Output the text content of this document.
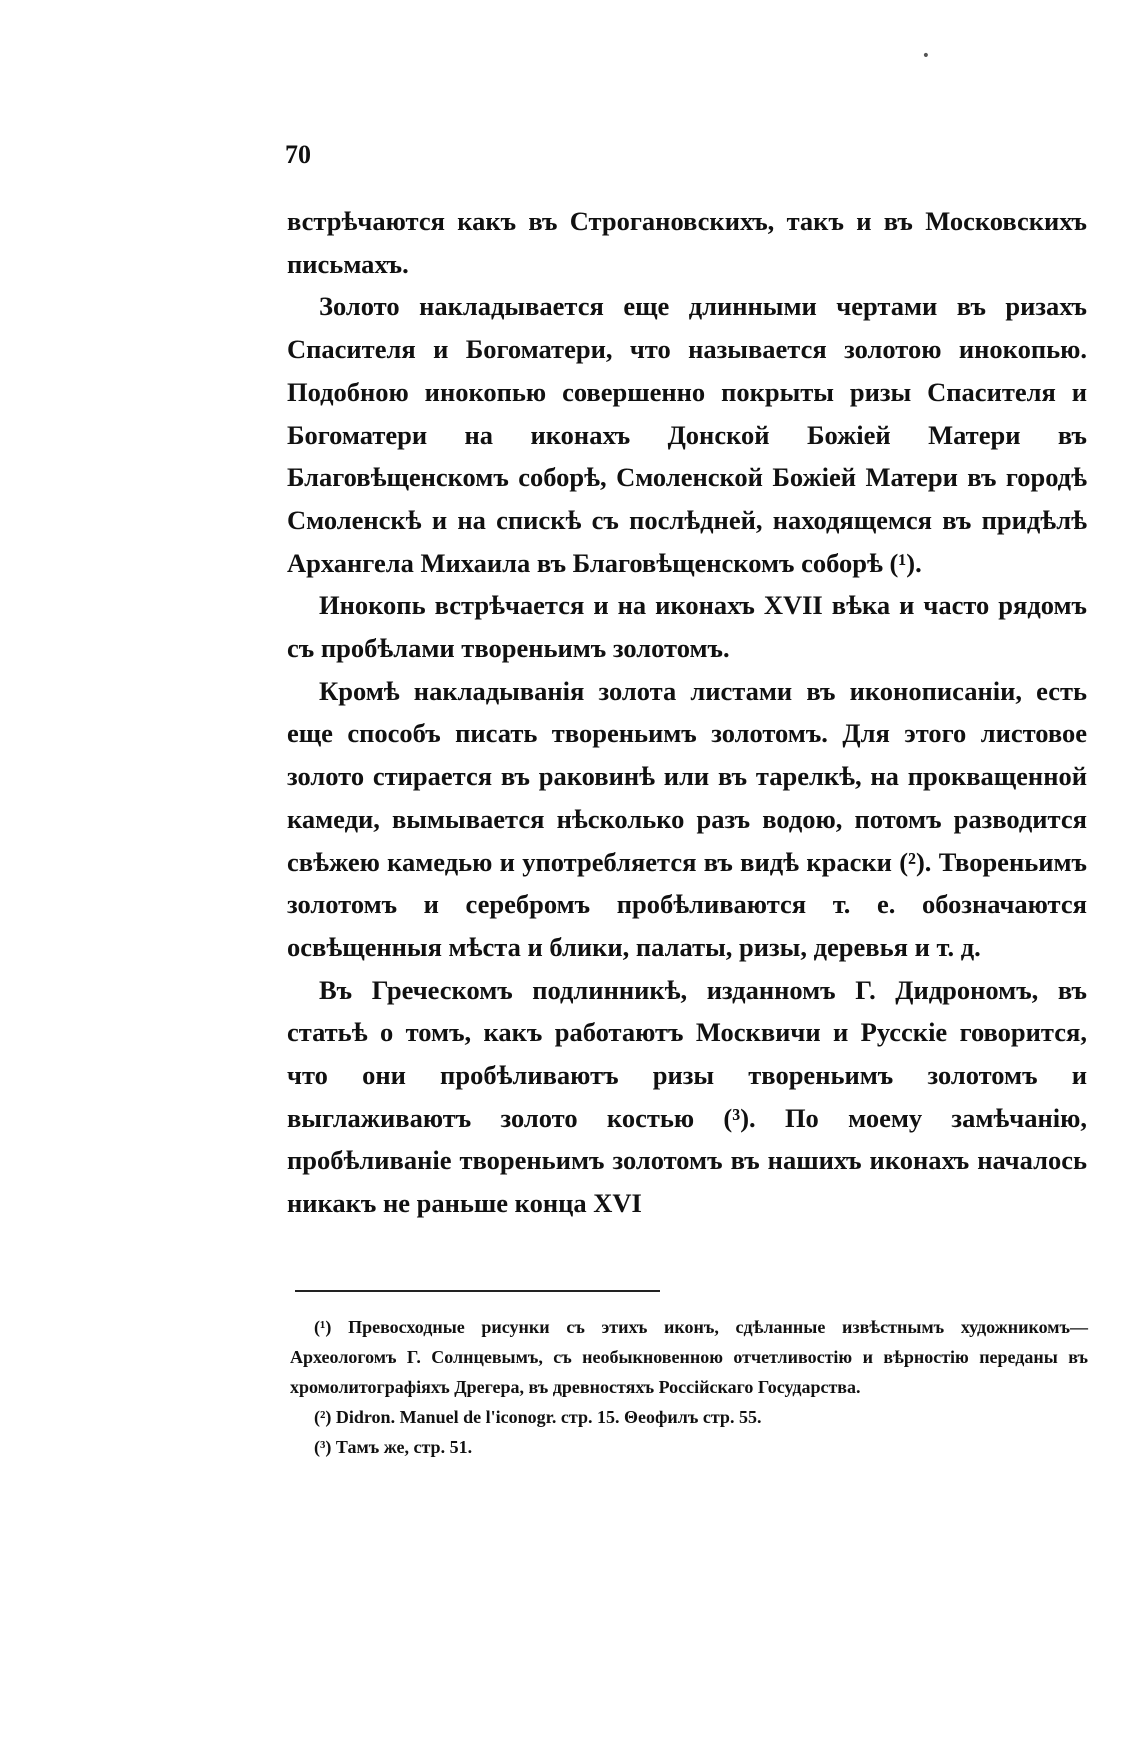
•
70

встрѣчаются какъ въ Строгановскихъ, такъ и въ Московскихъ письмахъ.

Золото накладывается еще длинными чертами въ ризахъ Спасителя и Богоматери, что называется золотою инокопью. Подобною инокопью совершенно покрыты ризы Спасителя и Богоматери на иконахъ Донской Божіей Матери въ Благовѣщенскомъ соборѣ, Смоленской Божіей Матери въ городѣ Смоленскѣ и на спискѣ съ послѣдней, находящемся въ придѣлѣ Архангела Михаила въ Благовѣщенскомъ соборѣ (¹).

Инокопь встрѣчается и на иконахъ XVII вѣка и часто рядомъ съ пробѣлами твореньимъ золотомъ.

Кромѣ накладыванія золота листами въ иконописаніи, есть еще способъ писать твореньимъ золотомъ. Для этого листовое золото стирается въ раковинѣ или въ тарелкѣ, на прокващенной камеди, вымывается нѣсколько разъ водою, потомъ разводится свѣжею камедью и употребляется въ видѣ краски (²). Твореньимъ золотомъ и серебромъ пробѣливаются т. е. обозначаются освѣщенныя мѣста и блики, палаты, ризы, деревья и т. д.

Въ Греческомъ подлинникѣ, изданномъ Г. Дидрономъ, въ статьѣ о томъ, какъ работаютъ Москвичи и Русскіе говорится, что они пробѣливаютъ ризы твореньимъ золотомъ и выглаживаютъ золото костью (³). По моему замѣчанію, пробѣливаніе твореньимъ золотомъ въ нашихъ иконахъ началось никакъ не раньше конца XVI

(¹) Превосходные рисунки съ этихъ иконъ, сдѣланные извѣстнымъ художникомъ—Археологомъ Г. Солнцевымъ, съ необыкновенною отчетливостію и вѣрностію переданы въ хромолитографіяхъ Дрегера, въ древностяхъ Россійскаго Государства.

(²) Didron. Manuel de l'iconogr. стр. 15. Θеофилъ стр. 55.

(³) Тамъ же, стр. 51.
